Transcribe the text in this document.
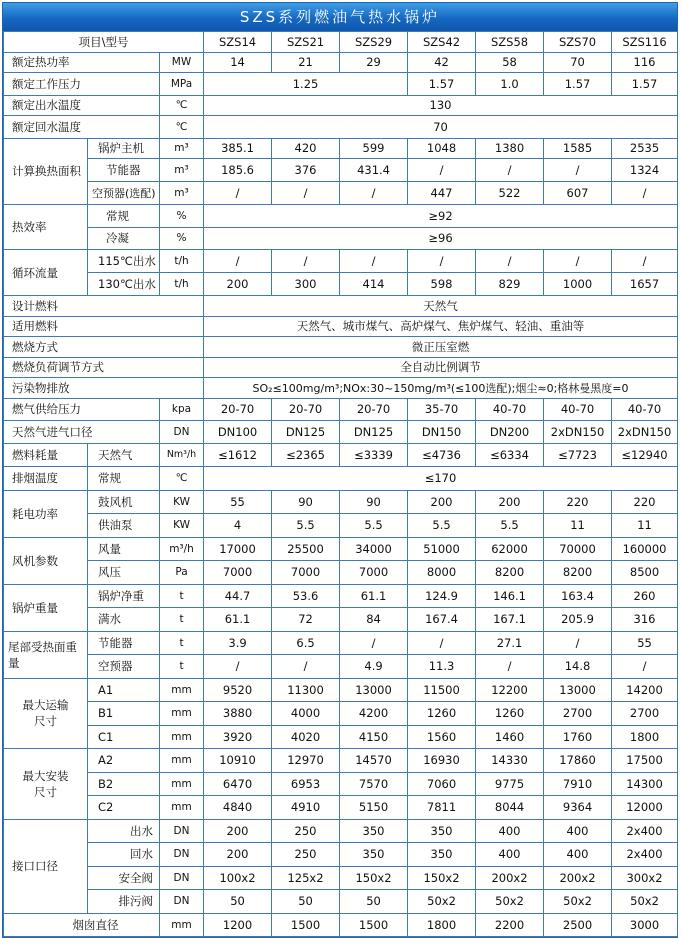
SZS系列燃油气热水锅炉
项目\型号			SZS14	SZS21	SZS29	SZS42	SZS58	SZS70	SZS116
额定热功率		MW	14	21	29	42	58	70	116
额定工作压力		MPa	1.25			1.57	1.0	1.57	1.57
额定出水温度		℃	130						
额定回水温度		℃	70						
计算换热面积	锅炉主机	m³	385.1	420	599	1048	1380	1585	2535
	节能器	m³	185.6	376	431.4	/	/	/	1324
	空预器(选配)	m³	/	/	/	447	522	607	/
热效率	常规	%	≥92						
	冷凝	%	≥96						
循环流量	115℃出水	t/h	/	/	/	/	/	/	/
	130℃出水	t/h	200	300	414	598	829	1000	1657
设计燃料			天然气						
适用燃料			天然气、城市煤气、高炉煤气、焦炉煤气、轻油、重油等						
燃烧方式			微正压室燃						
燃烧负荷调节方式			全自动比例调节						
污染物排放			SO₂≤100mg/m³;NOx:30~150mg/m³(≤100选配);烟尘≈0;格林曼黑度=0						
燃气供给压力		kpa	20-70	20-70	20-70	35-70	40-70	40-70	40-70
天然气进气口径		DN	DN100	DN125	DN125	DN150	DN200	2xDN150	2xDN150
燃料耗量	天然气	Nm³/h	≤1612	≤2365	≤3339	≤4736	≤6334	≤7723	≤12940
排烟温度	常规	℃	≤170						
耗电功率	鼓风机	KW	55	90	90	200	200	220	220
	供油泵	KW	4	5.5	5.5	5.5	5.5	11	11
风机参数	风量	m³/h	17000	25500	34000	51000	62000	70000	160000
	风压	Pa	7000	7000	7000	8000	8200	8200	8500
锅炉重量	锅炉净重	t	44.7	53.6	61.1	124.9	146.1	163.4	260
	满水	t	61.1	72	84	167.4	167.1	205.9	316
尾部受热面重量	节能器	t	3.9	6.5	/	/	27.1	/	55
	空预器	t	/	/	4.9	11.3	/	14.8	/
最大运输尺寸	A1	mm	9520	11300	13000	11500	12200	13000	14200
	B1	mm	3880	4000	4200	1260	1260	2700	2700
	C1	mm	3920	4020	4150	1560	1460	1760	1800
最大安装尺寸	A2	mm	10910	12970	14570	16930	14330	17860	17500
	B2	mm	6470	6953	7570	7060	9775	7910	14300
	C2	mm	4840	4910	5150	7811	8044	9364	12000
接口口径	出水	DN	200	250	350	350	400	400	2x400
	回水	DN	200	250	350	350	400	400	2x400
	安全阀	DN	100x2	125x2	150x2	150x2	200x2	200x2	300x2
	排污阀	DN	50	50	50	50x2	50x2	50x2	50x2
烟囱直径		mm	1200	1500	1500	1800	2200	2500	3000
